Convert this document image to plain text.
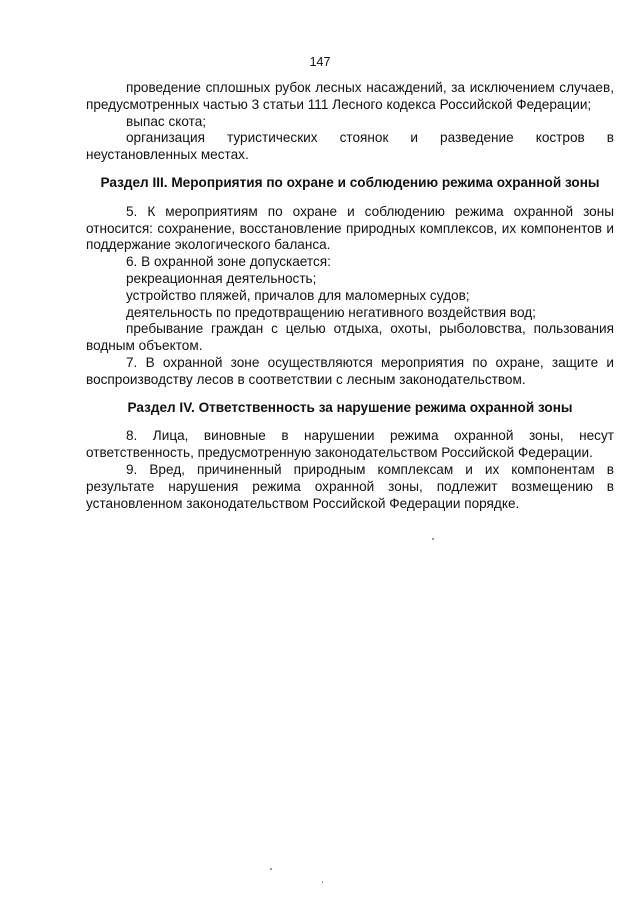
147

проведение сплошных рубок лесных насаждений, за исключением случаев, предусмотренных частью 3 статьи 111 Лесного кодекса Российской Федерации;

выпас скота;

организация туристических стоянок и разведение костров в неустановленных местах.

Раздел III. Мероприятия по охране и соблюдению режима охранной зоны

5. К мероприятиям по охране и соблюдению режима охранной зоны относится: сохранение, восстановление природных комплексов, их компонентов и поддержание экологического баланса.

6. В охранной зоне допускается:

рекреационная деятельность;

устройство пляжей, причалов для маломерных судов;

деятельность по предотвращению негативного воздействия вод;

пребывание граждан с целью отдыха, охоты, рыболовства, пользования водным объектом.

7. В охранной зоне осуществляются мероприятия по охране, защите и воспроизводству лесов в соответствии с лесным законодательством.

Раздел IV. Ответственность за нарушение режима охранной зоны

8. Лица, виновные в нарушении режима охранной зоны, несут ответственность, предусмотренную законодательством Российской Федерации.

9. Вред, причиненный природным комплексам и их компонентам в результате нарушения режима охранной зоны, подлежит возмещению в установленном законодательством Российской Федерации порядке.
